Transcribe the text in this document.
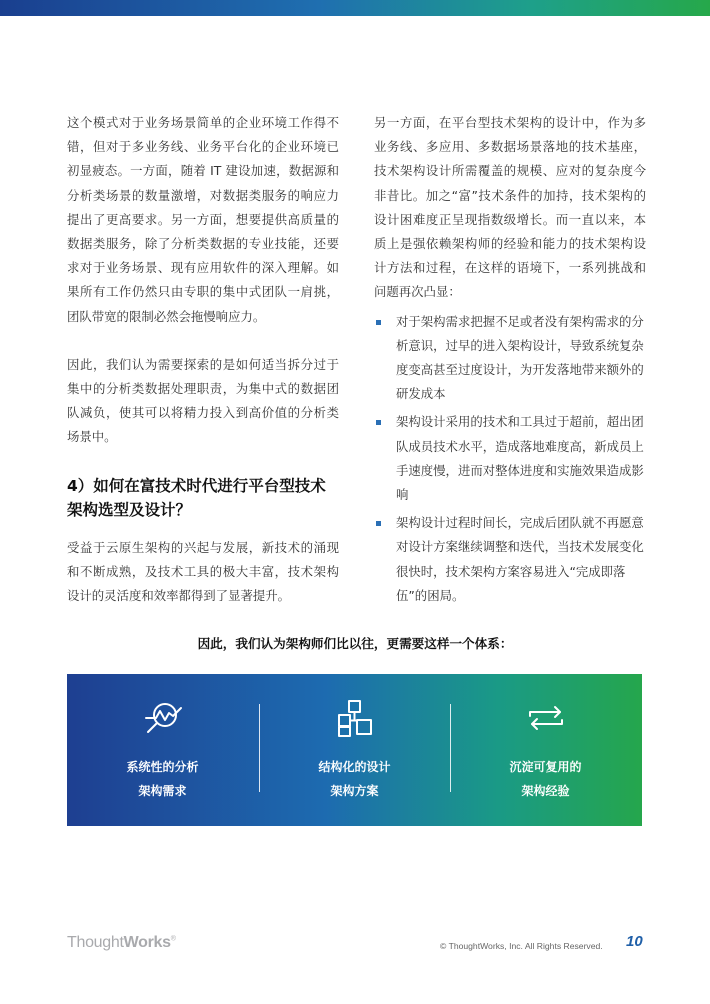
这个模式对于业务场景简单的企业环境工作得不错，但对于多业务线、业务平台化的企业环境已初显疲态。一方面，随着 IT 建设加速，数据源和分析类场景的数量激增，对数据类服务的响应力提出了更高要求。另一方面，想要提供高质量的数据类服务，除了分析类数据的专业技能，还要求对于业务场景、现有应用软件的深入理解。如果所有工作仍然只由专职的集中式团队一肩挑，团队带宽的限制必然会拖慢响应力。

因此，我们认为需要探索的是如何适当拆分过于集中的分析类数据处理职责，为集中式的数据团队减负，使其可以将精力投入到高价值的分析类场景中。

4）如何在富技术时代进行平台型技术架构选型及设计？

受益于云原生架构的兴起与发展，新技术的涌现和不断成熟，及技术工具的极大丰富，技术架构设计的灵活度和效率都得到了显著提升。

另一方面，在平台型技术架构的设计中，作为多业务线、多应用、多数据场景落地的技术基座，技术架构设计所需覆盖的规模、应对的复杂度今非昔比。加之“富”技术条件的加持，技术架构的设计困难度正呈现指数级增长。而一直以来，本质上是强依赖架构师的经验和能力的技术架构设计方法和过程，在这样的语境下，一系列挑战和问题再次凸显：

对于架构需求把握不足或者没有架构需求的分析意识，过早的进入架构设计，导致系统复杂度变高甚至过度设计，为开发落地带来额外的研发成本
架构设计采用的技术和工具过于超前，超出团队成员技术水平，造成落地难度高，新成员上手速度慢，进而对整体进度和实施效果造成影响
架构设计过程时间长，完成后团队就不再愿意对设计方案继续调整和迭代，当技术发展变化很快时，技术架构方案容易进入“完成即落伍”的困局。
因此，我们认为架构师们比以往，更需要这样一个体系：
系统性的分析
架构需求
结构化的设计
架构方案
沉淀可复用的
架构经验
ThoughtWorks®
© ThoughtWorks, Inc. All Rights Reserved. 10
